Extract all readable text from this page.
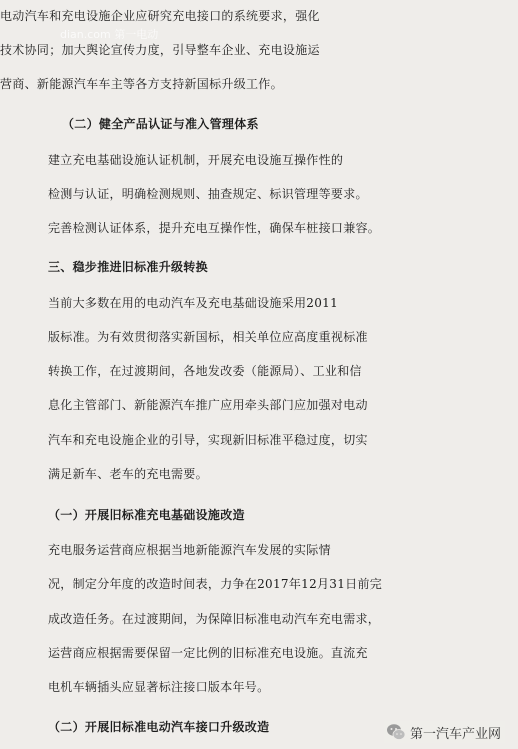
电动汽车和充电设施企业应研究充电接口的系统要求，强化
技术协同；加大舆论宣传力度，引导整车企业、充电设施运
营商、新能源汽车车主等各方支持新国标升级工作。
（二）健全产品认证与准入管理体系
建立充电基础设施认证机制，开展充电设施互操作性的
检测与认证，明确检测规则、抽查规定、标识管理等要求。
完善检测认证体系，提升充电互操作性，确保车桩接口兼容。
三、稳步推进旧标准升级转换
当前大多数在用的电动汽车及充电基础设施采用2011
版标准。为有效贯彻落实新国标，相关单位应高度重视标准
转换工作，在过渡期间，各地发改委（能源局）、工业和信
息化主管部门、新能源汽车推广应用牵头部门应加强对电动
汽车和充电设施企业的引导，实现新旧标准平稳过度，切实
满足新车、老车的充电需要。
（一）开展旧标准充电基础设施改造
充电服务运营商应根据当地新能源汽车发展的实际情
况，制定分年度的改造时间表，力争在2017年12月31日前完
成改造任务。在过渡期间，为保障旧标准电动汽车充电需求，
运营商应根据需要保留一定比例的旧标准充电设施。直流充
电机车辆插头应显著标注接口版本年号。
（二）开展旧标准电动汽车接口升级改造
dian.com 第一电动
第一汽车产业网
